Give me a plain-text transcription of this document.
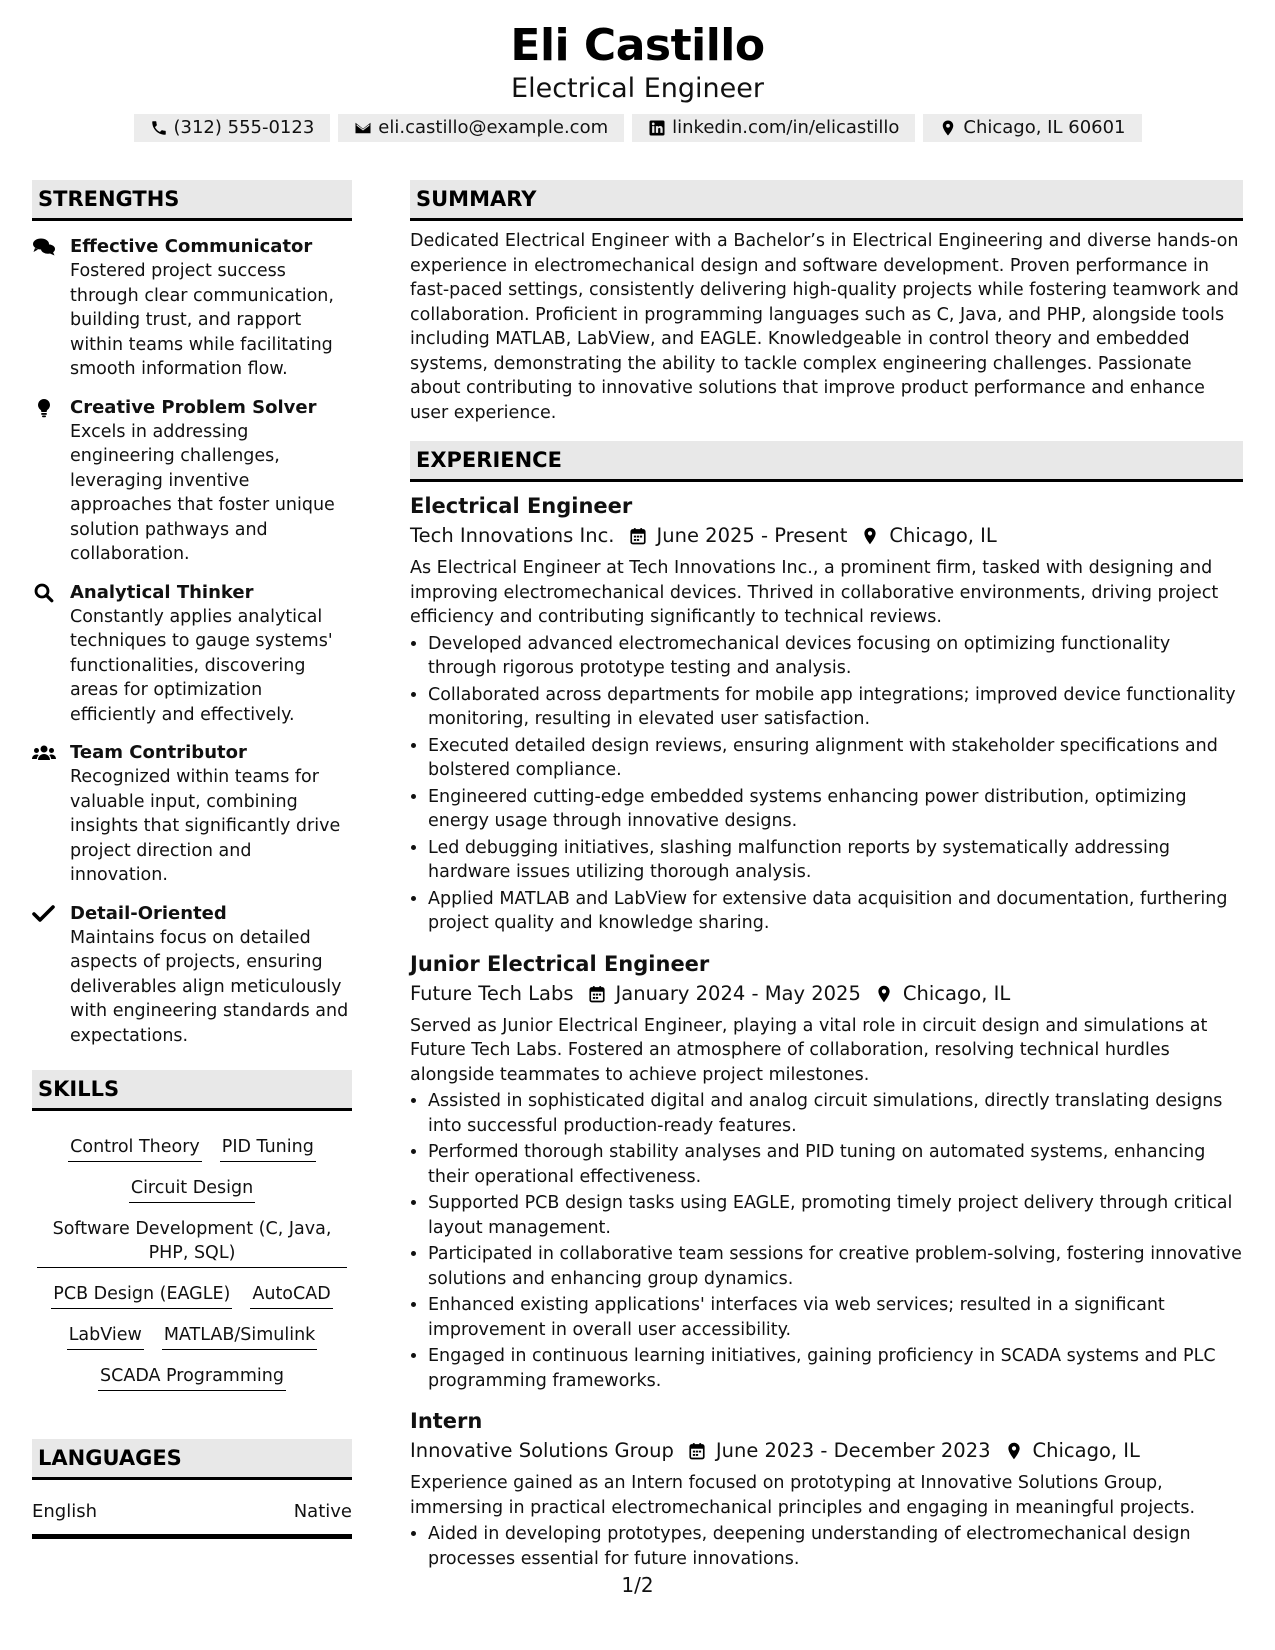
Eli Castillo
Electrical Engineer
(312) 555-0123	eli.castillo@example.com	linkedin.com/in/elicastillo	Chicago, IL 60601
STRENGTHS
Effective Communicator
Fostered project success through clear communication, building trust, and rapport within teams while facilitating smooth information flow.
Creative Problem Solver
Excels in addressing engineering challenges, leveraging inventive approaches that foster unique solution pathways and collaboration.
Analytical Thinker
Constantly applies analytical techniques to gauge systems' functionalities, discovering areas for optimization efficiently and effectively.
Team Contributor
Recognized within teams for valuable input, combining insights that significantly drive project direction and innovation.
Detail-Oriented
Maintains focus on detailed aspects of projects, ensuring deliverables align meticulously with engineering standards and expectations.
SKILLS
Control Theory PID Tuning
Circuit Design
Software Development (C, Java, PHP, SQL)
PCB Design (EAGLE) AutoCAD
LabView MATLAB/Simulink
SCADA Programming
LANGUAGES
English	Native
SUMMARY
Dedicated Electrical Engineer with a Bachelor’s in Electrical Engineering and diverse hands-on experience in electromechanical design and software development. Proven performance in fast-paced settings, consistently delivering high-quality projects while fostering teamwork and collaboration. Proficient in programming languages such as C, Java, and PHP, alongside tools including MATLAB, LabView, and EAGLE. Knowledgeable in control theory and embedded systems, demonstrating the ability to tackle complex engineering challenges. Passionate about contributing to innovative solutions that improve product performance and enhance user experience.
EXPERIENCE
Electrical Engineer
Tech Innovations Inc. June 2025 - Present Chicago, IL
As Electrical Engineer at Tech Innovations Inc., a prominent firm, tasked with designing and improving electromechanical devices. Thrived in collaborative environments, driving project efficiency and contributing significantly to technical reviews.
• Developed advanced electromechanical devices focusing on optimizing functionality through rigorous prototype testing and analysis.
• Collaborated across departments for mobile app integrations; improved device functionality monitoring, resulting in elevated user satisfaction.
• Executed detailed design reviews, ensuring alignment with stakeholder specifications and bolstered compliance.
• Engineered cutting-edge embedded systems enhancing power distribution, optimizing energy usage through innovative designs.
• Led debugging initiatives, slashing malfunction reports by systematically addressing hardware issues utilizing thorough analysis.
• Applied MATLAB and LabView for extensive data acquisition and documentation, furthering project quality and knowledge sharing.
Junior Electrical Engineer
Future Tech Labs January 2024 - May 2025 Chicago, IL
Served as Junior Electrical Engineer, playing a vital role in circuit design and simulations at Future Tech Labs. Fostered an atmosphere of collaboration, resolving technical hurdles alongside teammates to achieve project milestones.
• Assisted in sophisticated digital and analog circuit simulations, directly translating designs into successful production-ready features.
• Performed thorough stability analyses and PID tuning on automated systems, enhancing their operational effectiveness.
• Supported PCB design tasks using EAGLE, promoting timely project delivery through critical layout management.
• Participated in collaborative team sessions for creative problem-solving, fostering innovative solutions and enhancing group dynamics.
• Enhanced existing applications' interfaces via web services; resulted in a significant improvement in overall user accessibility.
• Engaged in continuous learning initiatives, gaining proficiency in SCADA systems and PLC programming frameworks.
Intern
Innovative Solutions Group June 2023 - December 2023 Chicago, IL
Experience gained as an Intern focused on prototyping at Innovative Solutions Group, immersing in practical electromechanical principles and engaging in meaningful projects.
• Aided in developing prototypes, deepening understanding of electromechanical design processes essential for future innovations.
1/2
